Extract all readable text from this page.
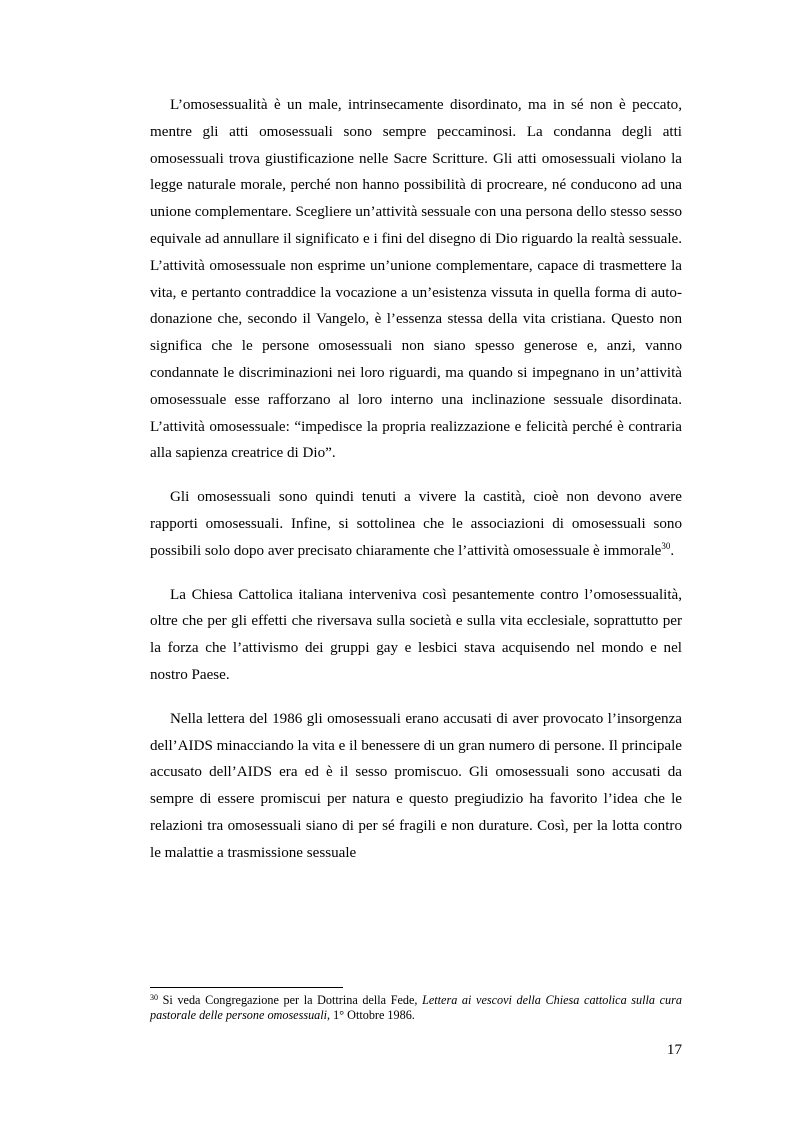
L’omosessualità è un male, intrinsecamente disordinato, ma in sé non è peccato, mentre gli atti omosessuali sono sempre peccaminosi. La condanna degli atti omosessuali trova giustificazione nelle Sacre Scritture. Gli atti omosessuali violano la legge naturale morale, perché non hanno possibilità di procreare, né conducono ad una unione complementare. Scegliere un’attività sessuale con una persona dello stesso sesso equivale ad annullare il significato e i fini del disegno di Dio riguardo la realtà sessuale. L’attività omosessuale non esprime un’unione complementare, capace di trasmettere la vita, e pertanto contraddice la vocazione a un’esistenza vissuta in quella forma di auto-donazione che, secondo il Vangelo, è l’essenza stessa della vita cristiana. Questo non significa che le persone omosessuali non siano spesso generose e, anzi, vanno condannate le discriminazioni nei loro riguardi, ma quando si impegnano in un’attività omosessuale esse rafforzano al loro interno una inclinazione sessuale disordinata. L’attività omosessuale: “impedisce la propria realizzazione e felicità perché è contraria alla sapienza creatrice di Dio”.

Gli omosessuali sono quindi tenuti a vivere la castità, cioè non devono avere rapporti omosessuali. Infine, si sottolinea che le associazioni di omosessuali sono possibili solo dopo aver precisato chiaramente che l’attività omosessuale è immorale$^{30}$.

La Chiesa Cattolica italiana interveniva così pesantemente contro l’omosessualità, oltre che per gli effetti che riversava sulla società e sulla vita ecclesiale, soprattutto per la forza che l’attivismo dei gruppi gay e lesbici stava acquisendo nel mondo e nel nostro Paese.

Nella lettera del 1986 gli omosessuali erano accusati di aver provocato l’insorgenza dell’AIDS minacciando la vita e il benessere di un gran numero di persone. Il principale accusato dell’AIDS era ed è il sesso promiscuo. Gli omosessuali sono accusati da sempre di essere promiscui per natura e questo pregiudizio ha favorito l’idea che le relazioni tra omosessuali siano di per sé fragili e non durature. Così, per la lotta contro le malattie a trasmissione sessuale

$^{30}$ Si veda Congregazione per la Dottrina della Fede, Lettera ai vescovi della Chiesa cattolica sulla cura pastorale delle persone omosessuali, 1° Ottobre 1986.
17
